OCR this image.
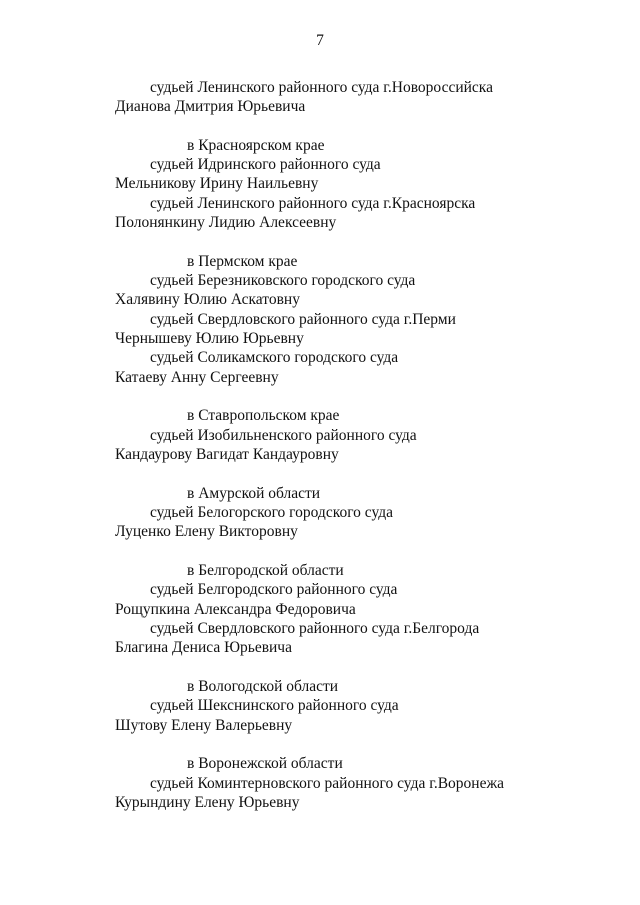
7
судьей Ленинского районного суда г.Новороссийска
Дианова Дмитрия Юрьевича
в Красноярском крае
судьей Идринского районного суда
Мельникову Ирину Наильевну
судьей Ленинского районного суда г.Красноярска
Полонянкину Лидию Алексеевну
в Пермском крае
судьей Березниковского городского суда
Халявину Юлию Аскатовну
судьей Свердловского районного суда г.Перми
Чернышеву Юлию Юрьевну
судьей Соликамского городского суда
Катаеву Анну Сергеевну
в Ставропольском крае
судьей Изобильненского районного суда
Кандаурову Вагидат Кандауровну
в Амурской области
судьей Белогорского городского суда
Луценко Елену Викторовну
в Белгородской области
судьей Белгородского районного суда
Рощупкина Александра Федоровича
судьей Свердловского районного суда г.Белгорода
Благина Дениса Юрьевича
в Вологодской области
судьей Шекснинского районного суда
Шутову Елену Валерьевну
в Воронежской области
судьей Коминтерновского районного суда г.Воронежа
Курындину Елену Юрьевну
